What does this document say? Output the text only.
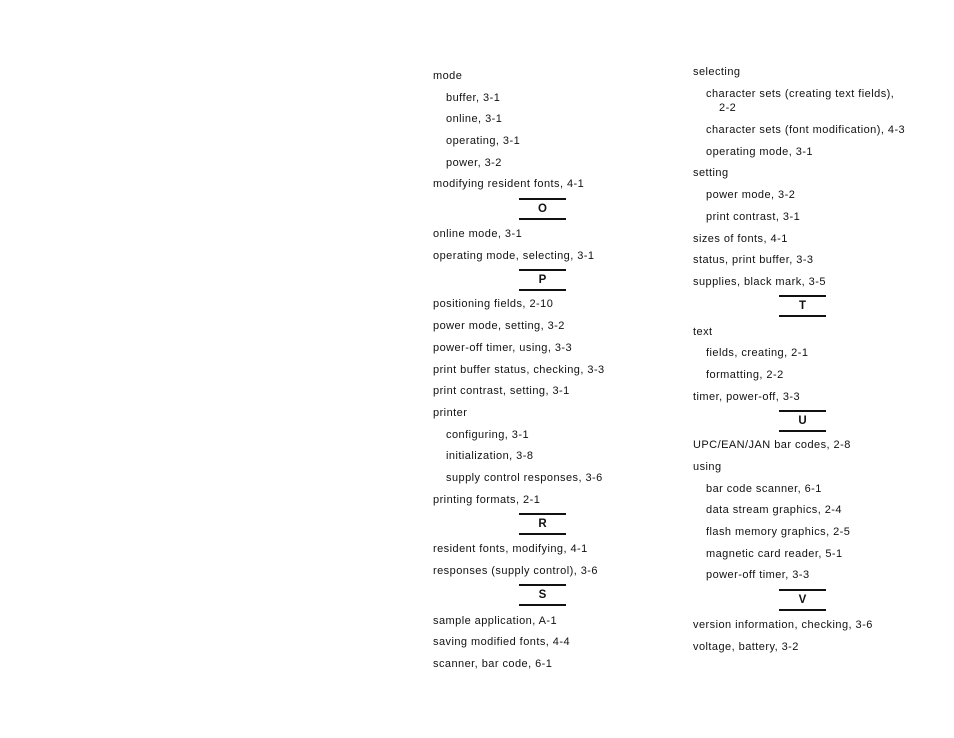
mode
buffer, 3-1
online, 3-1
operating, 3-1
power, 3-2
modifying resident fonts, 4-1
O
online mode, 3-1
operating mode, selecting, 3-1
P
positioning fields, 2-10
power mode, setting, 3-2
power-off timer, using, 3-3
print buffer status, checking, 3-3
print contrast, setting, 3-1
printer
configuring, 3-1
initialization, 3-8
supply control responses, 3-6
printing formats, 2-1
R
resident fonts, modifying, 4-1
responses (supply control), 3-6
S
sample application, A-1
saving modified fonts, 4-4
scanner, bar code, 6-1
selecting
character sets (creating text fields),
2-2
character sets (font modification), 4-3
operating mode, 3-1
setting
power mode, 3-2
print contrast, 3-1
sizes of fonts, 4-1
status, print buffer, 3-3
supplies, black mark, 3-5
T
text
fields, creating, 2-1
formatting, 2-2
timer, power-off, 3-3
U
UPC/EAN/JAN bar codes, 2-8
using
bar code scanner, 6-1
data stream graphics, 2-4
flash memory graphics, 2-5
magnetic card reader, 5-1
power-off timer, 3-3
V
version information, checking, 3-6
voltage, battery, 3-2
